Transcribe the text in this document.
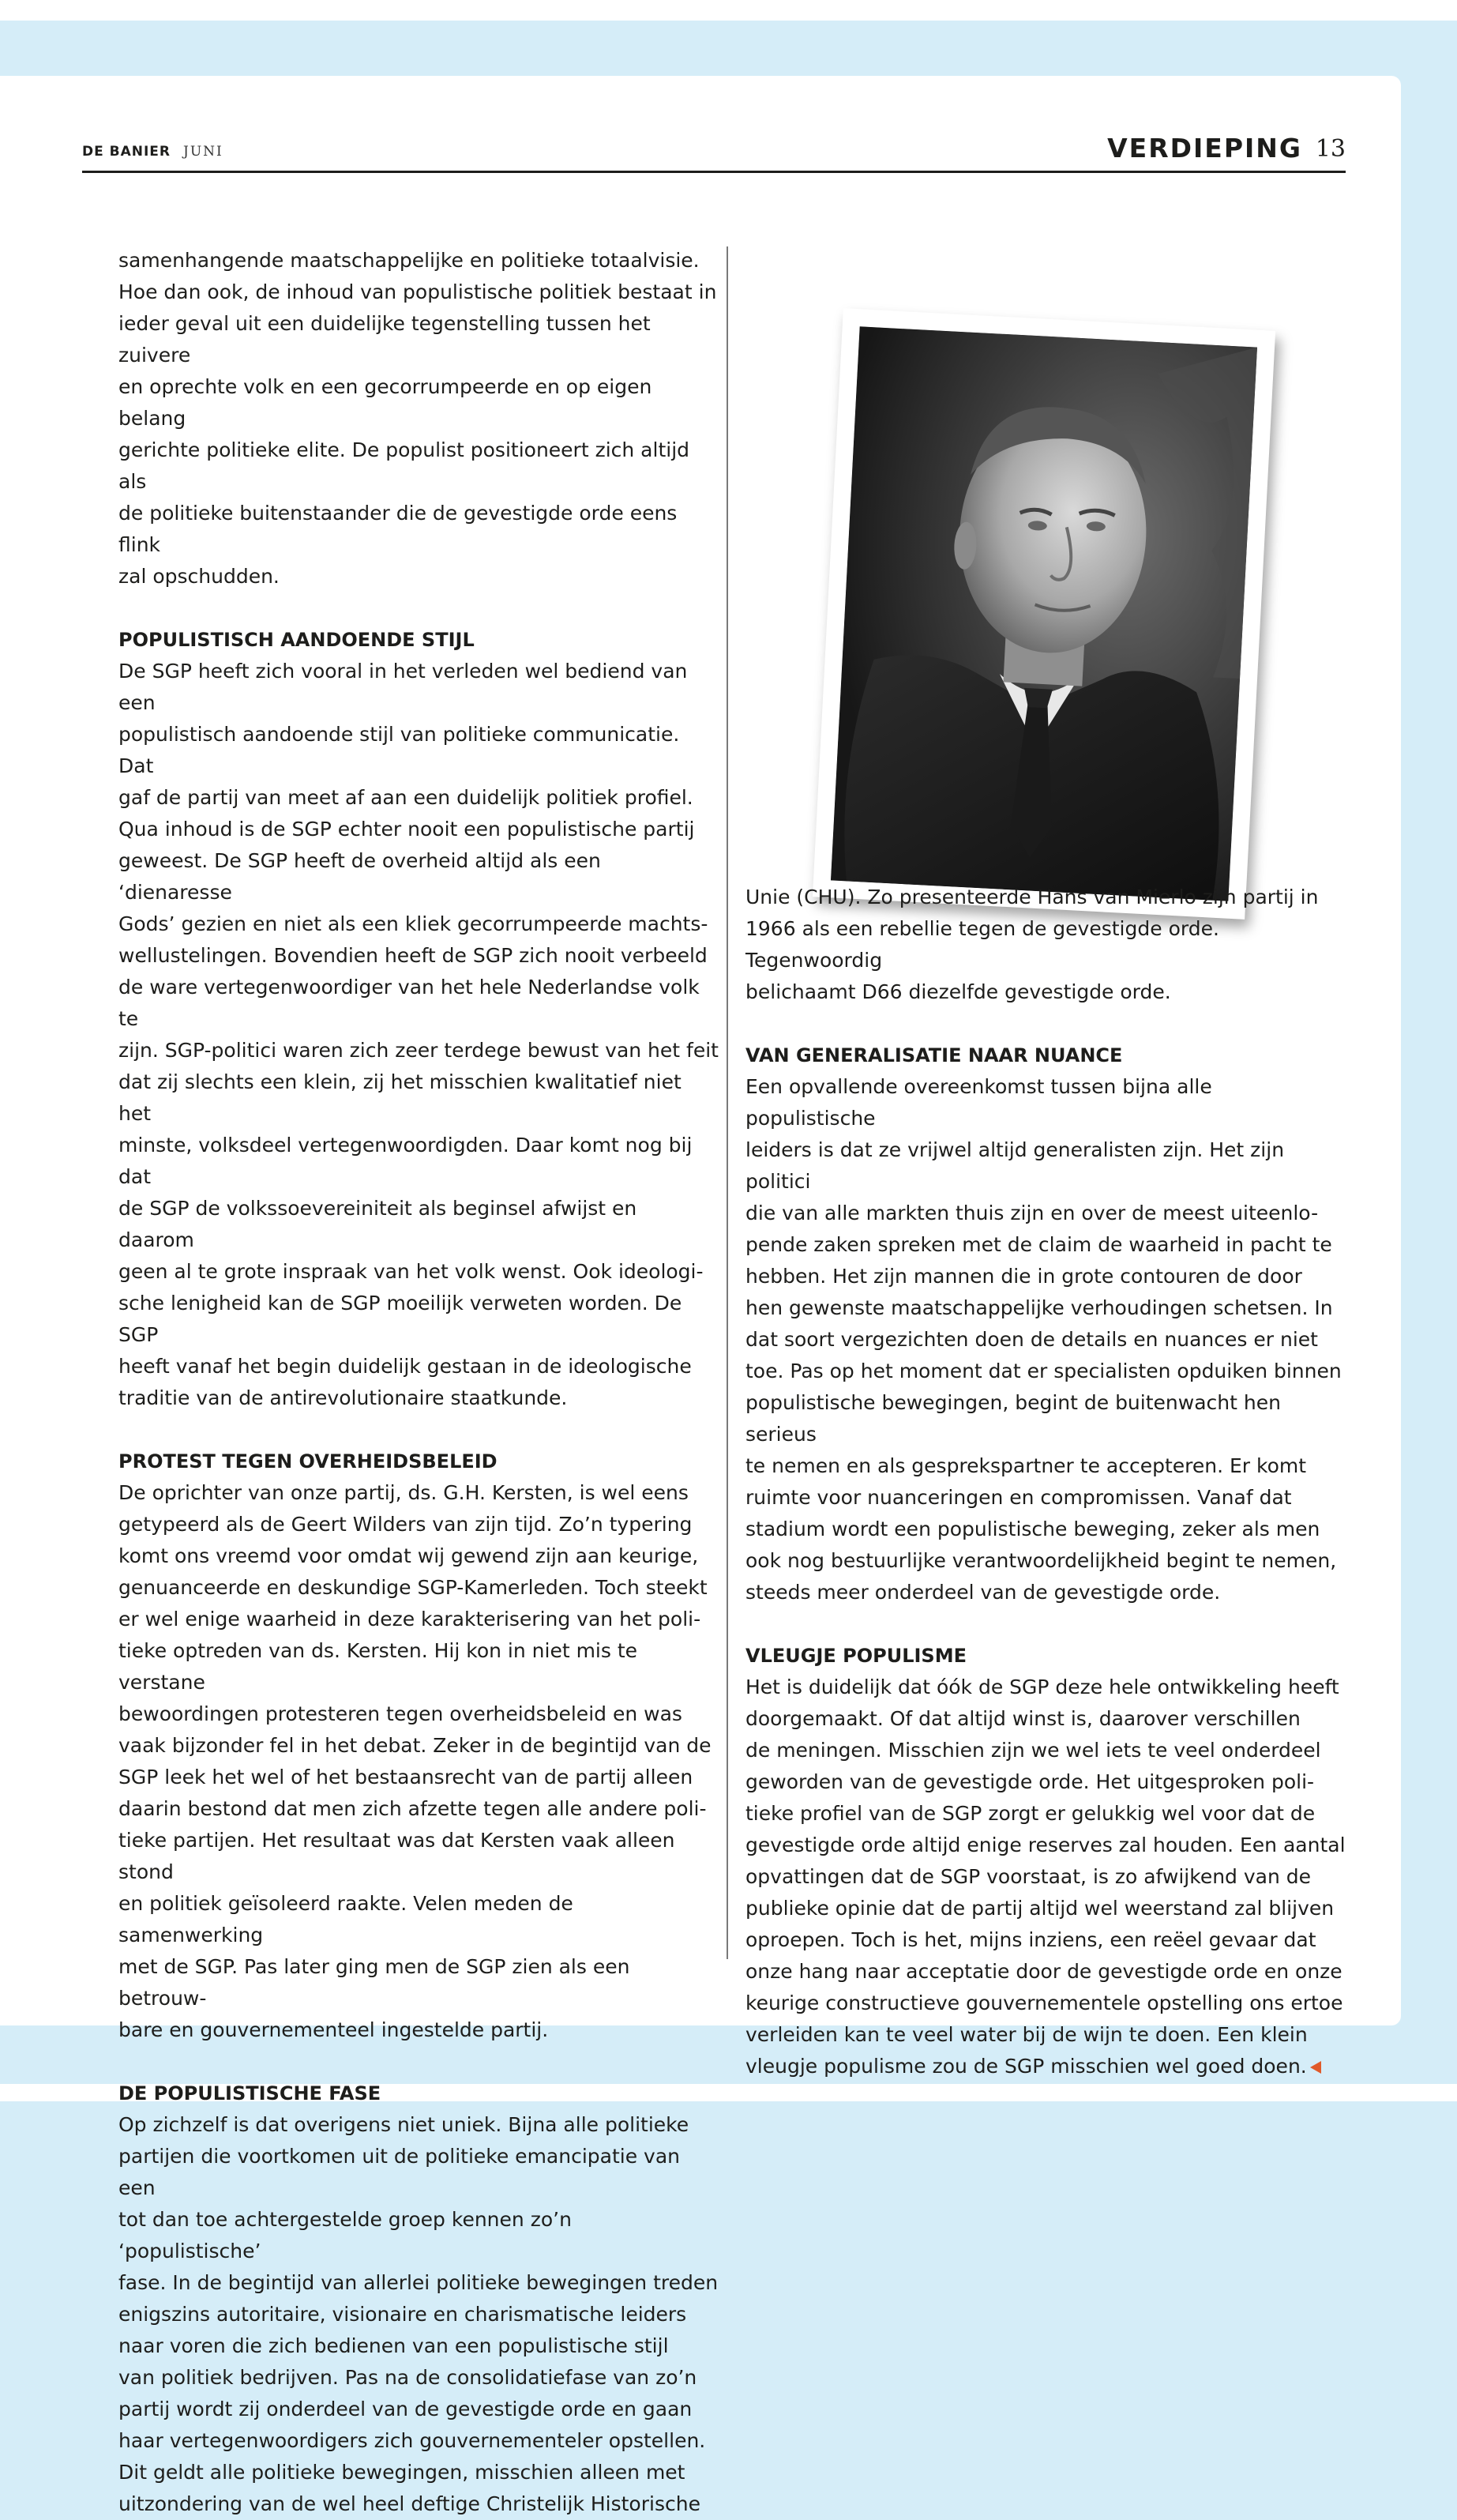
DE BANIER JUNI	VERDIEPING 13

samenhangende maatschappelijke en politieke totaalvisie.
Hoe dan ook, de inhoud van populistische politiek bestaat in
ieder geval uit een duidelijke tegenstelling tussen het zuivere
en oprechte volk en een gecorrumpeerde en op eigen belang
gerichte politieke elite. De populist positioneert zich altijd als
de politieke buitenstaander die de gevestigde orde eens flink
zal opschudden.

POPULISTISCH AANDOENDE STIJL

De SGP heeft zich vooral in het verleden wel bediend van een
populistisch aandoende stijl van politieke communicatie. Dat
gaf de partij van meet af aan een duidelijk politiek profiel.
Qua inhoud is de SGP echter nooit een populistische partij
geweest. De SGP heeft de overheid altijd als een ‘dienaresse
Gods’ gezien en niet als een kliek gecorrumpeerde machts-
wellustelingen. Bovendien heeft de SGP zich nooit verbeeld
de ware vertegenwoordiger van het hele Nederlandse volk te
zijn. SGP-politici waren zich zeer terdege bewust van het feit
dat zij slechts een klein, zij het misschien kwalitatief niet het
minste, volksdeel vertegenwoordigden. Daar komt nog bij dat
de SGP de volkssoevereiniteit als beginsel afwijst en daarom
geen al te grote inspraak van het volk wenst. Ook ideologi-
sche lenigheid kan de SGP moeilijk verweten worden. De SGP
heeft vanaf het begin duidelijk gestaan in de ideologische
traditie van de antirevolutionaire staatkunde.

PROTEST TEGEN OVERHEIDSBELEID

De oprichter van onze partij, ds. G.H. Kersten, is wel eens
getypeerd als de Geert Wilders van zijn tijd. Zo’n typering
komt ons vreemd voor omdat wij gewend zijn aan keurige,
genuanceerde en deskundige SGP-Kamerleden. Toch steekt
er wel enige waarheid in deze karakterisering van het poli-
tieke optreden van ds. Kersten. Hij kon in niet mis te verstane
bewoordingen protesteren tegen overheidsbeleid en was
vaak bijzonder fel in het debat. Zeker in de begintijd van de
SGP leek het wel of het bestaansrecht van de partij alleen
daarin bestond dat men zich afzette tegen alle andere poli-
tieke partijen. Het resultaat was dat Kersten vaak alleen stond
en politiek geïsoleerd raakte. Velen meden de samenwerking
met de SGP. Pas later ging men de SGP zien als een betrouw-
bare en gouvernementeel ingestelde partij.

DE POPULISTISCHE FASE

Op zichzelf is dat overigens niet uniek. Bijna alle politieke
partijen die voortkomen uit de politieke emancipatie van een
tot dan toe achtergestelde groep kennen zo’n ‘populistische’
fase. In de begintijd van allerlei politieke bewegingen treden
enigszins autoritaire, visionaire en charismatische leiders
naar voren die zich bedienen van een populistische stijl
van politiek bedrijven. Pas na de consolidatiefase van zo’n
partij wordt zij onderdeel van de gevestigde orde en gaan
haar vertegenwoordigers zich gouvernementeler opstellen.
Dit geldt alle politieke bewegingen, misschien alleen met
uitzondering van de wel heel deftige Christelijk Historische

Unie (CHU). Zo presenteerde Hans van Mierlo zijn partij in
1966 als een rebellie tegen de gevestigde orde. Tegenwoordig
belichaamt D66 diezelfde gevestigde orde.

VAN GENERALISATIE NAAR NUANCE

Een opvallende overeenkomst tussen bijna alle populistische
leiders is dat ze vrijwel altijd generalisten zijn. Het zijn politici
die van alle markten thuis zijn en over de meest uiteenlo-
pende zaken spreken met de claim de waarheid in pacht te
hebben. Het zijn mannen die in grote contouren de door
hen gewenste maatschappelijke verhoudingen schetsen. In
dat soort vergezichten doen de details en nuances er niet
toe. Pas op het moment dat er specialisten opduiken binnen
populistische bewegingen, begint de buitenwacht hen serieus
te nemen en als gesprekspartner te accepteren. Er komt
ruimte voor nuanceringen en compromissen. Vanaf dat
stadium wordt een populistische beweging, zeker als men
ook nog bestuurlijke verantwoordelijkheid begint te nemen,
steeds meer onderdeel van de gevestigde orde.

VLEUGJE POPULISME

Het is duidelijk dat óók de SGP deze hele ontwikkeling heeft
doorgemaakt. Of dat altijd winst is, daarover verschillen
de meningen. Misschien zijn we wel iets te veel onderdeel
geworden van de gevestigde orde. Het uitgesproken poli-
tieke profiel van de SGP zorgt er gelukkig wel voor dat de
gevestigde orde altijd enige reserves zal houden. Een aantal
opvattingen dat de SGP voorstaat, is zo afwijkend van de
publieke opinie dat de partij altijd wel weerstand zal blijven
oproepen. Toch is het, mijns inziens, een reëel gevaar dat
onze hang naar acceptatie door de gevestigde orde en onze
keurige constructieve gouvernementele opstelling ons ertoe
verleiden kan te veel water bij de wijn te doen. Een klein
vleugje populisme zou de SGP misschien wel goed doen.
